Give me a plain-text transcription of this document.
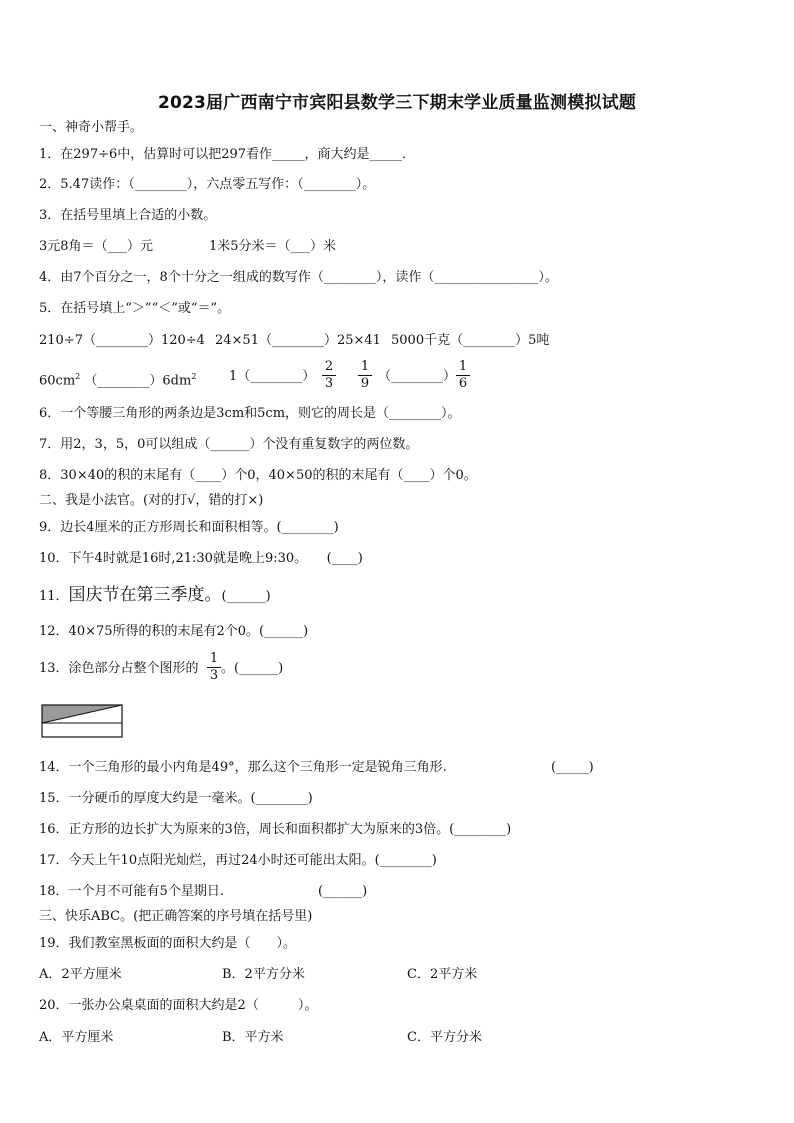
2023届广西南宁市宾阳县数学三下期末学业质量监测模拟试题
一、神奇小帮手。
1．在297÷6中，估算时可以把297看作_____，商大约是_____．
2．5.47读作：（________），六点零五写作：（________）。
3．在括号里填上合适的小数。
3元8角＝（___）元	1米5分米＝（___）米
4．由7个百分之一，8个十分之一组成的数写作（________），读作（________________）。
5．在括号填上“＞”“＜”或“＝”。
210÷7（________）120÷4 24×51（________）25×41 5000千克（________）5吨
$60cm^2$ $(\_\_\_\_\_\_\_\_)6dm^2$	1（________）
2
3
1
9 （________）
1
6
6．一个等腰三角形的两条边是3cm和5cm，则它的周长是（________）。
7．用2，3，5，0可以组成（______）个没有重复数字的两位数。
8．30×40的积的末尾有（____）个0，40×50的积的末尾有（____）个0。
二、我是小法官。(对的打√，错的打×)
9．边长4厘米的正方形周长和面积相等。(________)
10．下午4时就是16时,21:30就是晚上9:30。　　(____)
11．国庆节在第三季度。(______)
12．40×75所得的积的末尾有2个0。(______)
13．涂色部分占整个图形的
1
3 。(______)
14．一个三角形的最小内角是49°，那么这个三角形一定是锐角三角形.	(_____)
15．一分硬币的厚度大约是一毫米。(________)
16．正方形的边长扩大为原来的3倍，周长和面积都扩大为原来的3倍。(________)
17．今天上午10点阳光灿烂，再过24小时还可能出太阳。(________)
18．一个月不可能有5个星期日.	(______)
三、快乐ABC。(把正确答案的序号填在括号里)
19．我们教室黑板面的面积大约是（　　）。
A．2平方厘米	B．2平方分米	C．2平方米
20．一张办公桌桌面的面积大约是2（　　　）。
A．平方厘米	B．平方米	C．平方分米
